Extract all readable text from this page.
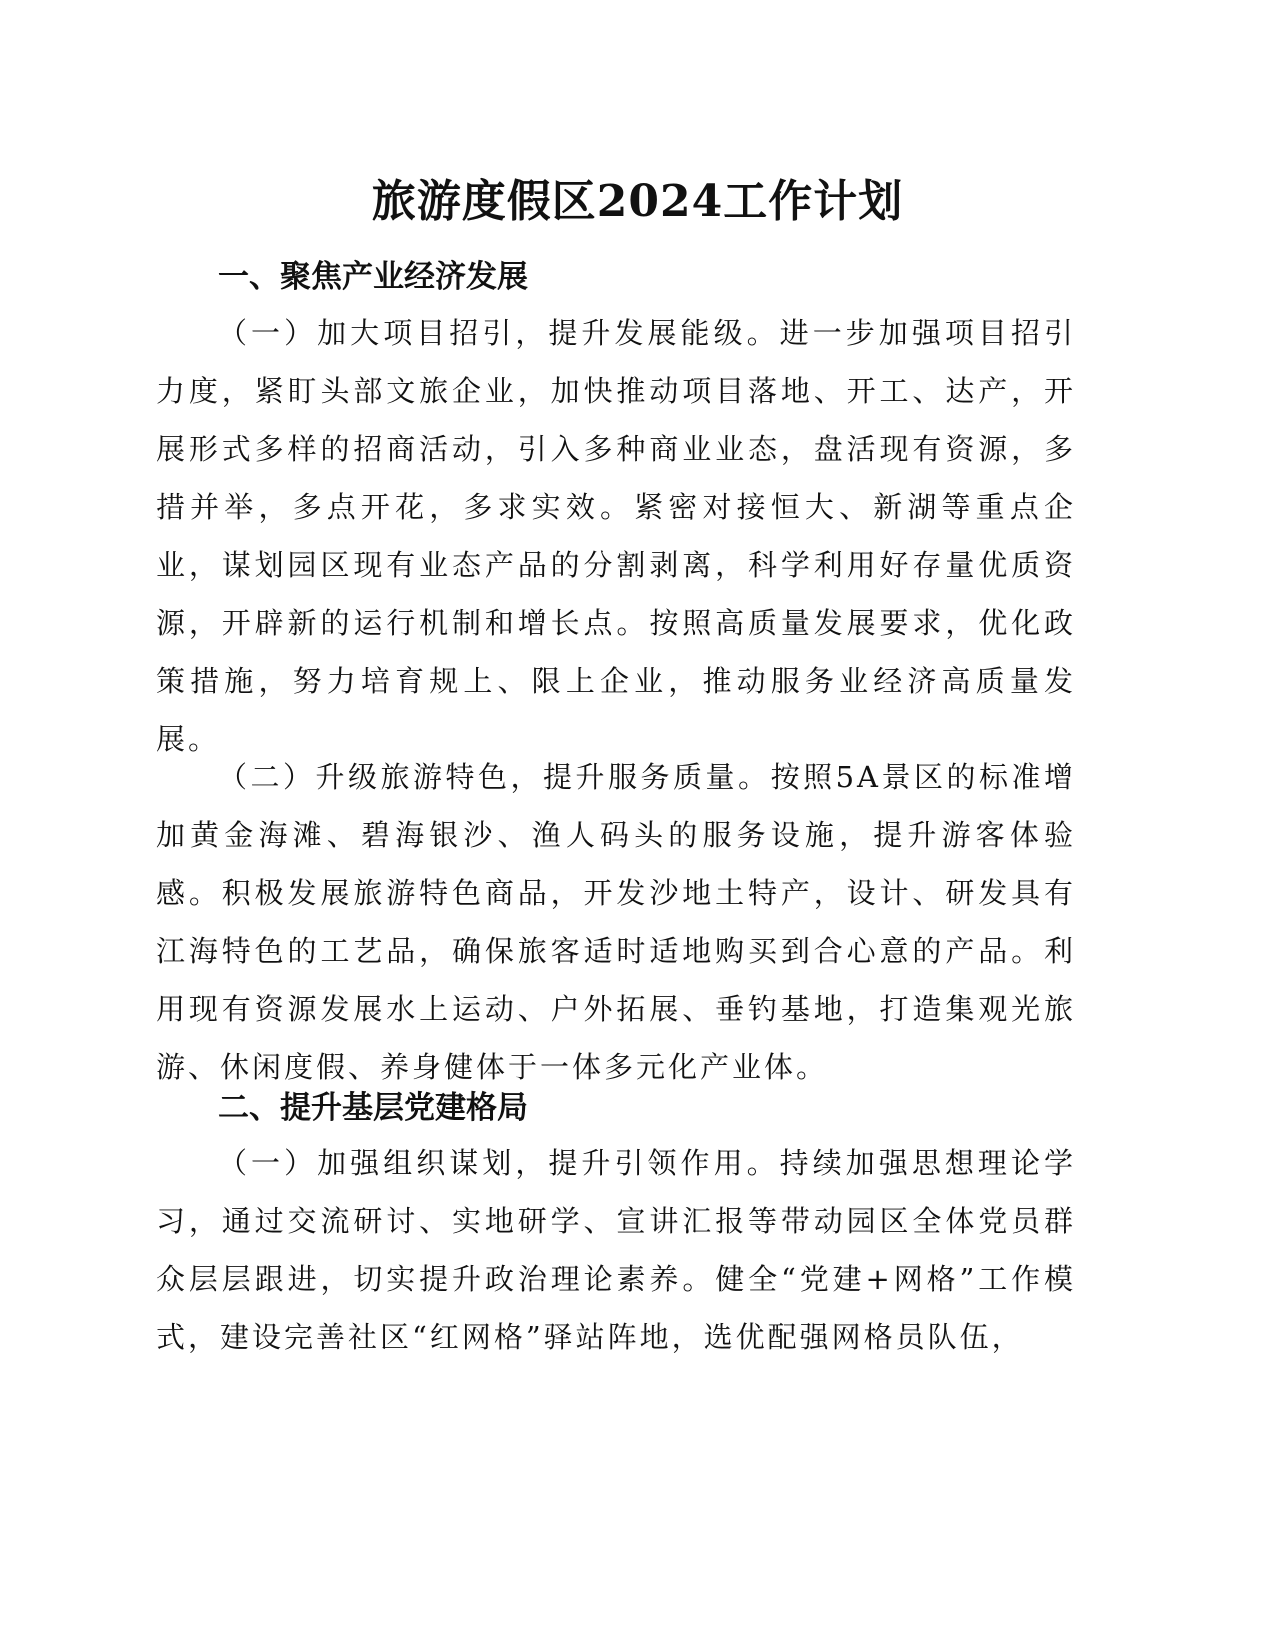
旅游度假区2024工作计划
一、聚焦产业经济发展

（一）加大项目招引，提升发展能级。进一步加强项目招引力度，紧盯头部文旅企业，加快推动项目落地、开工、达产，开展形式多样的招商活动，引入多种商业业态，盘活现有资源，多措并举，多点开花，多求实效。紧密对接恒大、新湖等重点企业，谋划园区现有业态产品的分割剥离，科学利用好存量优质资源，开辟新的运行机制和增长点。按照高质量发展要求，优化政策措施，努力培育规上、限上企业，推动服务业经济高质量发展。

（二）升级旅游特色，提升服务质量。按照5A景区的标准增加黄金海滩、碧海银沙、渔人码头的服务设施，提升游客体验感。积极发展旅游特色商品，开发沙地土特产，设计、研发具有江海特色的工艺品，确保旅客适时适地购买到合心意的产品。利用现有资源发展水上运动、户外拓展、垂钓基地，打造集观光旅游、休闲度假、养身健体于一体多元化产业体。

二、提升基层党建格局

（一）加强组织谋划，提升引领作用。持续加强思想理论学习，通过交流研讨、实地研学、宣讲汇报等带动园区全体党员群众层层跟进，切实提升政治理论素养。健全“党建+网格”工作模式，建设完善社区“红网格”驿站阵地，选优配强网格员队伍，
